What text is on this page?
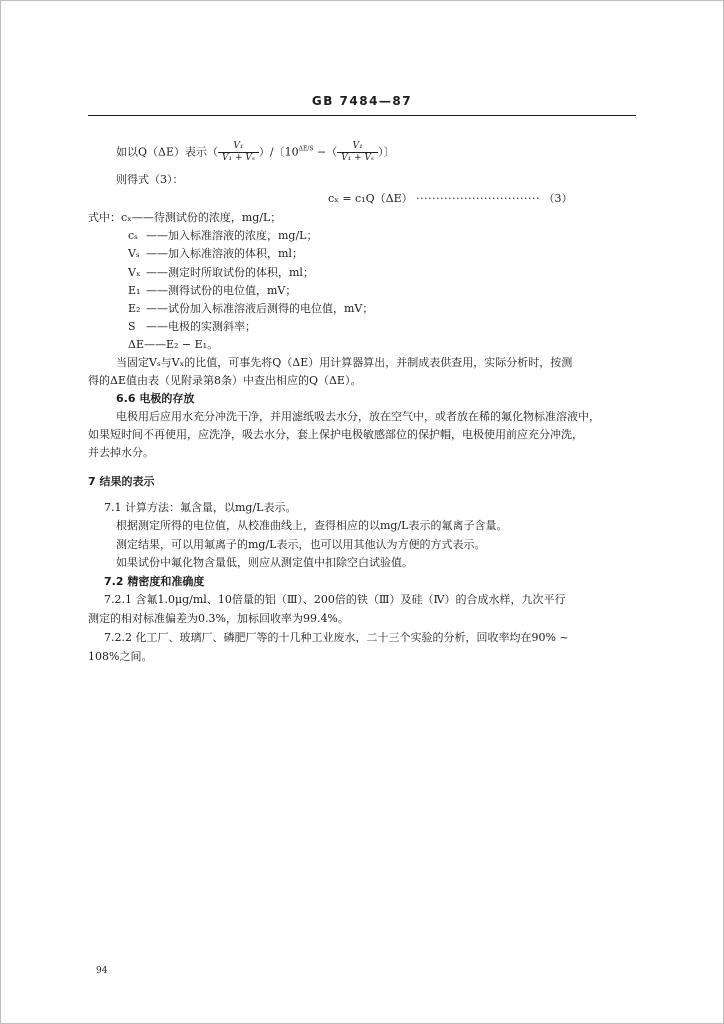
GB 7484—87
如以Q（ΔE）表示（ $\frac{\text{V₁}}{\text{V₁ + Vₛ}}$ ）/〔$10^{\Delta E/S}$ −（ $\frac{\text{V₁}}{\text{V₁ + Vₛ}}$ ）〕
则得式（3）：
cₓ = c₁Q（ΔE） ······························· （3）
式中：cₓ——待测试份的浓度，mg/L；
cₛ ——加入标准溶液的浓度，mg/L；
Vₛ ——加入标准溶液的体积，ml；
Vₓ ——测定时所取试份的体积，ml；
E₁ ——测得试份的电位值，mV；
E₂ ——试份加入标准溶液后测得的电位值，mV；
S ——电极的实测斜率；
ΔE——E₂ − E₁。
当固定Vₛ与Vₓ的比值，可事先将Q（ΔE）用计算器算出，并制成表供查用，实际分析时，按测
得的ΔE值由表（见附录第8条）中查出相应的Q（ΔE）。
6.6 电极的存放
电极用后应用水充分冲洗干净，并用滤纸吸去水分，放在空气中，或者放在稀的氟化物标准溶液中，
如果短时间不再使用，应洗净，吸去水分，套上保护电极敏感部位的保护帽，电极使用前应充分冲洗，
并去掉水分。
7 结果的表示
7.1 计算方法：氟含量，以mg/L表示。
根据测定所得的电位值，从校准曲线上，查得相应的以mg/L表示的氟离子含量。
测定结果，可以用氟离子的mg/L表示，也可以用其他认为方便的方式表示。
如果试份中氟化物含量低，则应从测定值中扣除空白试验值。
7.2 精密度和准确度
7.2.1 含氟1.0μg/ml、10倍量的铝（Ⅲ）、200倍的铁（Ⅲ）及硅（Ⅳ）的合成水样，九次平行
测定的相对标准偏差为0.3%，加标回收率为99.4%。
7.2.2 化工厂、玻璃厂、磷肥厂等的十几种工业废水，二十三个实验的分析，回收率均在90% ~
108%之间。
94
